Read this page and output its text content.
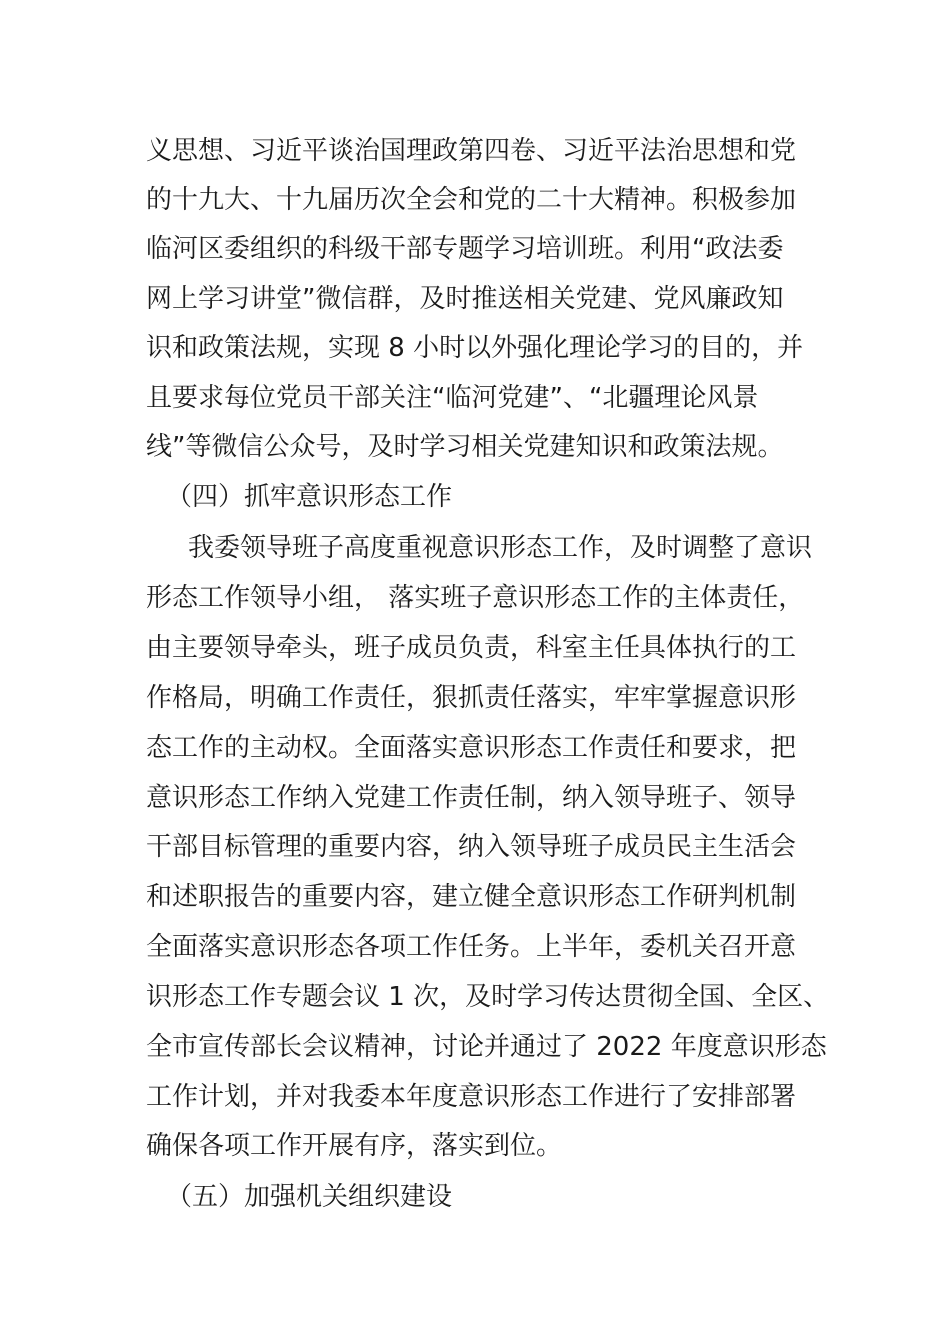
义思想、习近平谈治国理政第四卷、习近平法治思想和党
的十九大、十九届历次全会和党的二十大精神。积极参加
临河区委组织的科级干部专题学习培训班。利用“政法委
网上学习讲堂”微信群，及时推送相关党建、党风廉政知
识和政策法规，实现 8 小时以外强化理论学习的目的，并
且要求每位党员干部关注“临河党建”、“北疆理论风景
线”等微信公众号，及时学习相关党建知识和政策法规。
（四）抓牢意识形态工作
我委领导班子高度重视意识形态工作，及时调整了意识
形态工作领导小组， 落实班子意识形态工作的主体责任，
由主要领导牵头，班子成员负责，科室主任具体执行的工
作格局，明确工作责任，狠抓责任落实，牢牢掌握意识形
态工作的主动权。全面落实意识形态工作责任和要求，把
意识形态工作纳入党建工作责任制，纳入领导班子、领导
干部目标管理的重要内容，纳入领导班子成员民主生活会
和述职报告的重要内容，建立健全意识形态工作研判机制
全面落实意识形态各项工作任务。上半年，委机关召开意
识形态工作专题会议 1 次，及时学习传达贯彻全国、全区、
全市宣传部长会议精神，讨论并通过了 2022 年度意识形态
工作计划，并对我委本年度意识形态工作进行了安排部署
确保各项工作开展有序，落实到位。
（五）加强机关组织建设
